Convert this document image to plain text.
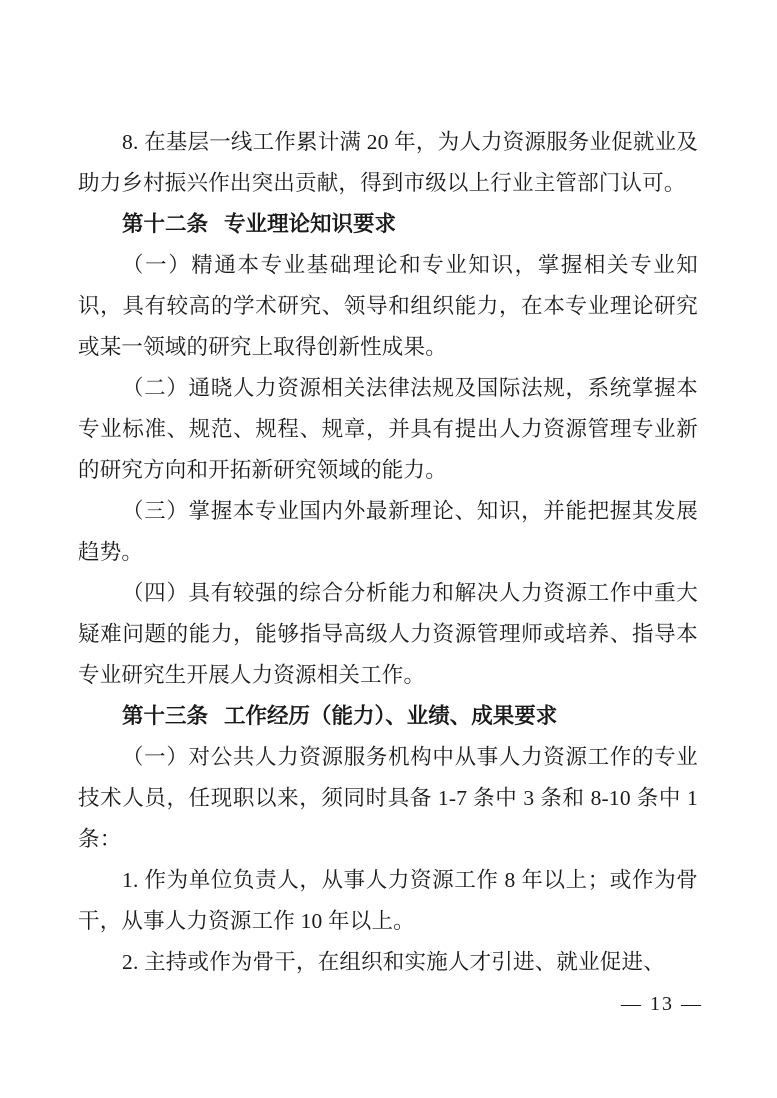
8. 在基层一线工作累计满 20 年，为人力资源服务业促就业及助力乡村振兴作出突出贡献，得到市级以上行业主管部门认可。

第十二条 专业理论知识要求

（一）精通本专业基础理论和专业知识，掌握相关专业知识，具有较高的学术研究、领导和组织能力，在本专业理论研究或某一领域的研究上取得创新性成果。

（二）通晓人力资源相关法律法规及国际法规，系统掌握本专业标准、规范、规程、规章，并具有提出人力资源管理专业新的研究方向和开拓新研究领域的能力。

（三）掌握本专业国内外最新理论、知识，并能把握其发展趋势。

（四）具有较强的综合分析能力和解决人力资源工作中重大疑难问题的能力，能够指导高级人力资源管理师或培养、指导本专业研究生开展人力资源相关工作。

第十三条 工作经历（能力）、业绩、成果要求

（一）对公共人力资源服务机构中从事人力资源工作的专业技术人员，任现职以来，须同时具备 1-7 条中 3 条和 8-10 条中 1 条：

1. 作为单位负责人，从事人力资源工作 8 年以上；或作为骨干，从事人力资源工作 10 年以上。

2. 主持或作为骨干，在组织和实施人才引进、就业促进、

— 13 —
